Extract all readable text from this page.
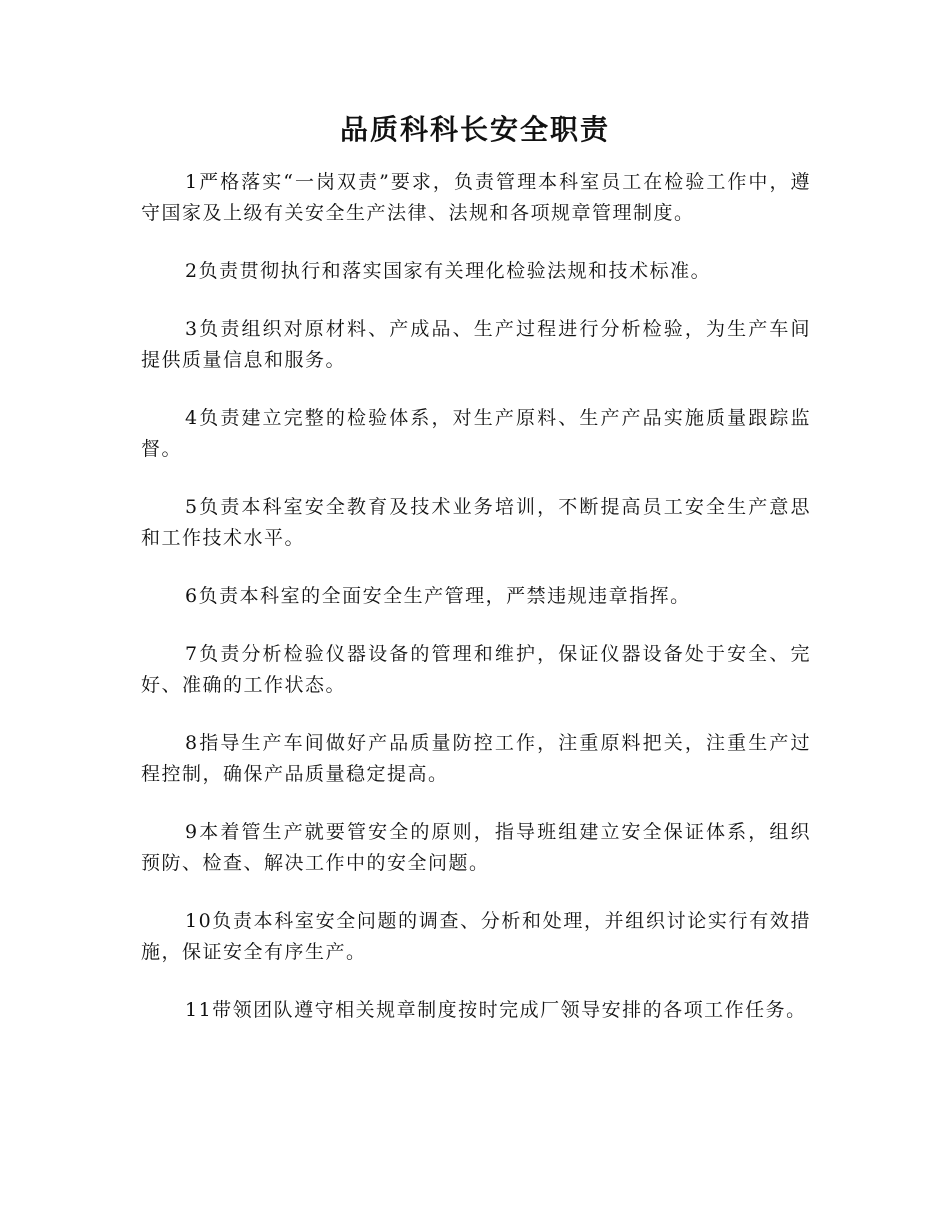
品质科科长安全职责

1严格落实“一岗双责”要求，负责管理本科室员工在检验工作中，遵守国家及上级有关安全生产法律、法规和各项规章管理制度。

2负责贯彻执行和落实国家有关理化检验法规和技术标准。

3负责组织对原材料、产成品、生产过程进行分析检验，为生产车间提供质量信息和服务。

4负责建立完整的检验体系，对生产原料、生产产品实施质量跟踪监督。

5负责本科室安全教育及技术业务培训，不断提高员工安全生产意思和工作技术水平。

6负责本科室的全面安全生产管理，严禁违规违章指挥。

7负责分析检验仪器设备的管理和维护，保证仪器设备处于安全、完好、准确的工作状态。

8指导生产车间做好产品质量防控工作，注重原料把关，注重生产过程控制，确保产品质量稳定提高。

9本着管生产就要管安全的原则，指导班组建立安全保证体系，组织预防、检查、解决工作中的安全问题。

10负责本科室安全问题的调查、分析和处理，并组织讨论实行有效措施，保证安全有序生产。

11带领团队遵守相关规章制度按时完成厂领导安排的各项工作任务。
